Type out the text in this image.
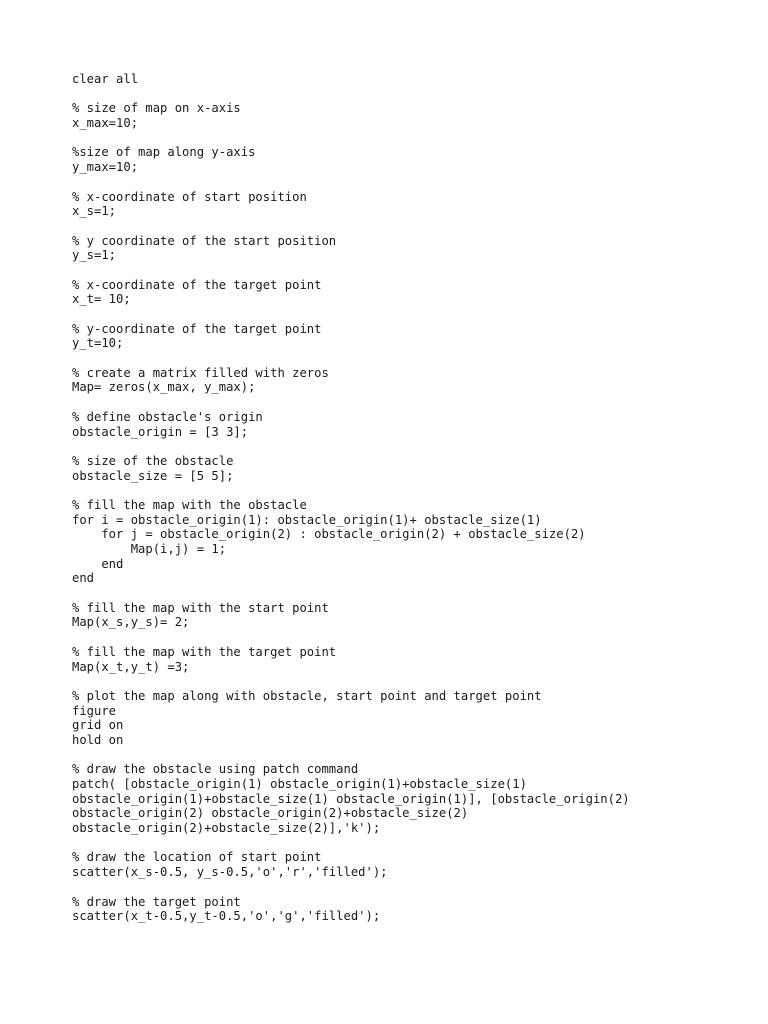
clear all
% size of map on x-axis
x_max=10;
%size of map along y-axis
y_max=10;
% x-coordinate of start position
x_s=1;
% y coordinate of the start position
y_s=1;
% x-coordinate of the target point
x_t= 10;
% y-coordinate of the target point
y_t=10;
% create a matrix filled with zeros
Map= zeros(x_max, y_max);
% define obstacle's origin
obstacle_origin = [3 3];
% size of the obstacle
obstacle_size = [5 5];
% fill the map with the obstacle
for i = obstacle_origin(1): obstacle_origin(1)+ obstacle_size(1)
for j = obstacle_origin(2) : obstacle_origin(2) + obstacle_size(2)
Map(i,j) = 1;
end
end
% fill the map with the start point
Map(x_s,y_s)= 2;
% fill the map with the target point
Map(x_t,y_t) =3;
% plot the map along with obstacle, start point and target point
figure
grid on
hold on
% draw the obstacle using patch command
patch( [obstacle_origin(1) obstacle_origin(1)+obstacle_size(1)
obstacle_origin(1)+obstacle_size(1) obstacle_origin(1)], [obstacle_origin(2)
obstacle_origin(2) obstacle_origin(2)+obstacle_size(2)
obstacle_origin(2)+obstacle_size(2)],'k');
% draw the location of start point
scatter(x_s-0.5, y_s-0.5,'o','r','filled');
% draw the target point
scatter(x_t-0.5,y_t-0.5,'o','g','filled');
